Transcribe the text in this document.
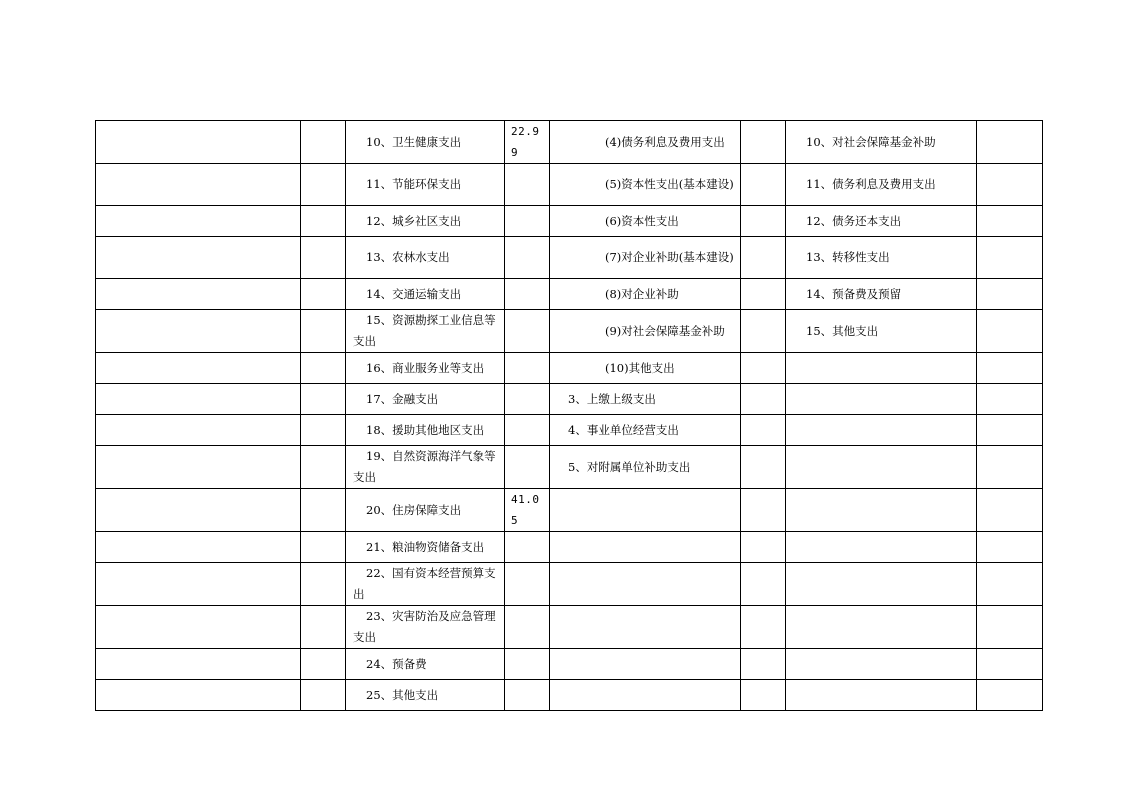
		10、卫生健康支出	22.99	(4)债务利息及费用支出		10、对社会保障基金补助	

		11、节能环保支出		(5)资本性支出(基本建设)		11、债务利息及费用支出	

		12、城乡社区支出		(6)资本性支出		12、债务还本支出	

		13、农林水支出		(7)对企业补助(基本建设)		13、转移性支出	

		14、交通运输支出		(8)对企业补助		14、预备费及预留	

		15、资源勘探工业信息等支出		(9)对社会保障基金补助		15、其他支出	

		16、商业服务业等支出		(10)其他支出			

		17、金融支出		3、上缴上级支出			

		18、援助其他地区支出		4、事业单位经营支出			

		19、自然资源海洋气象等支出		5、对附属单位补助支出			

		20、住房保障支出	41.05				

		21、粮油物资储备支出					

		22、国有资本经营预算支出					

		23、灾害防治及应急管理支出					

		24、预备费					

		25、其他支出					
